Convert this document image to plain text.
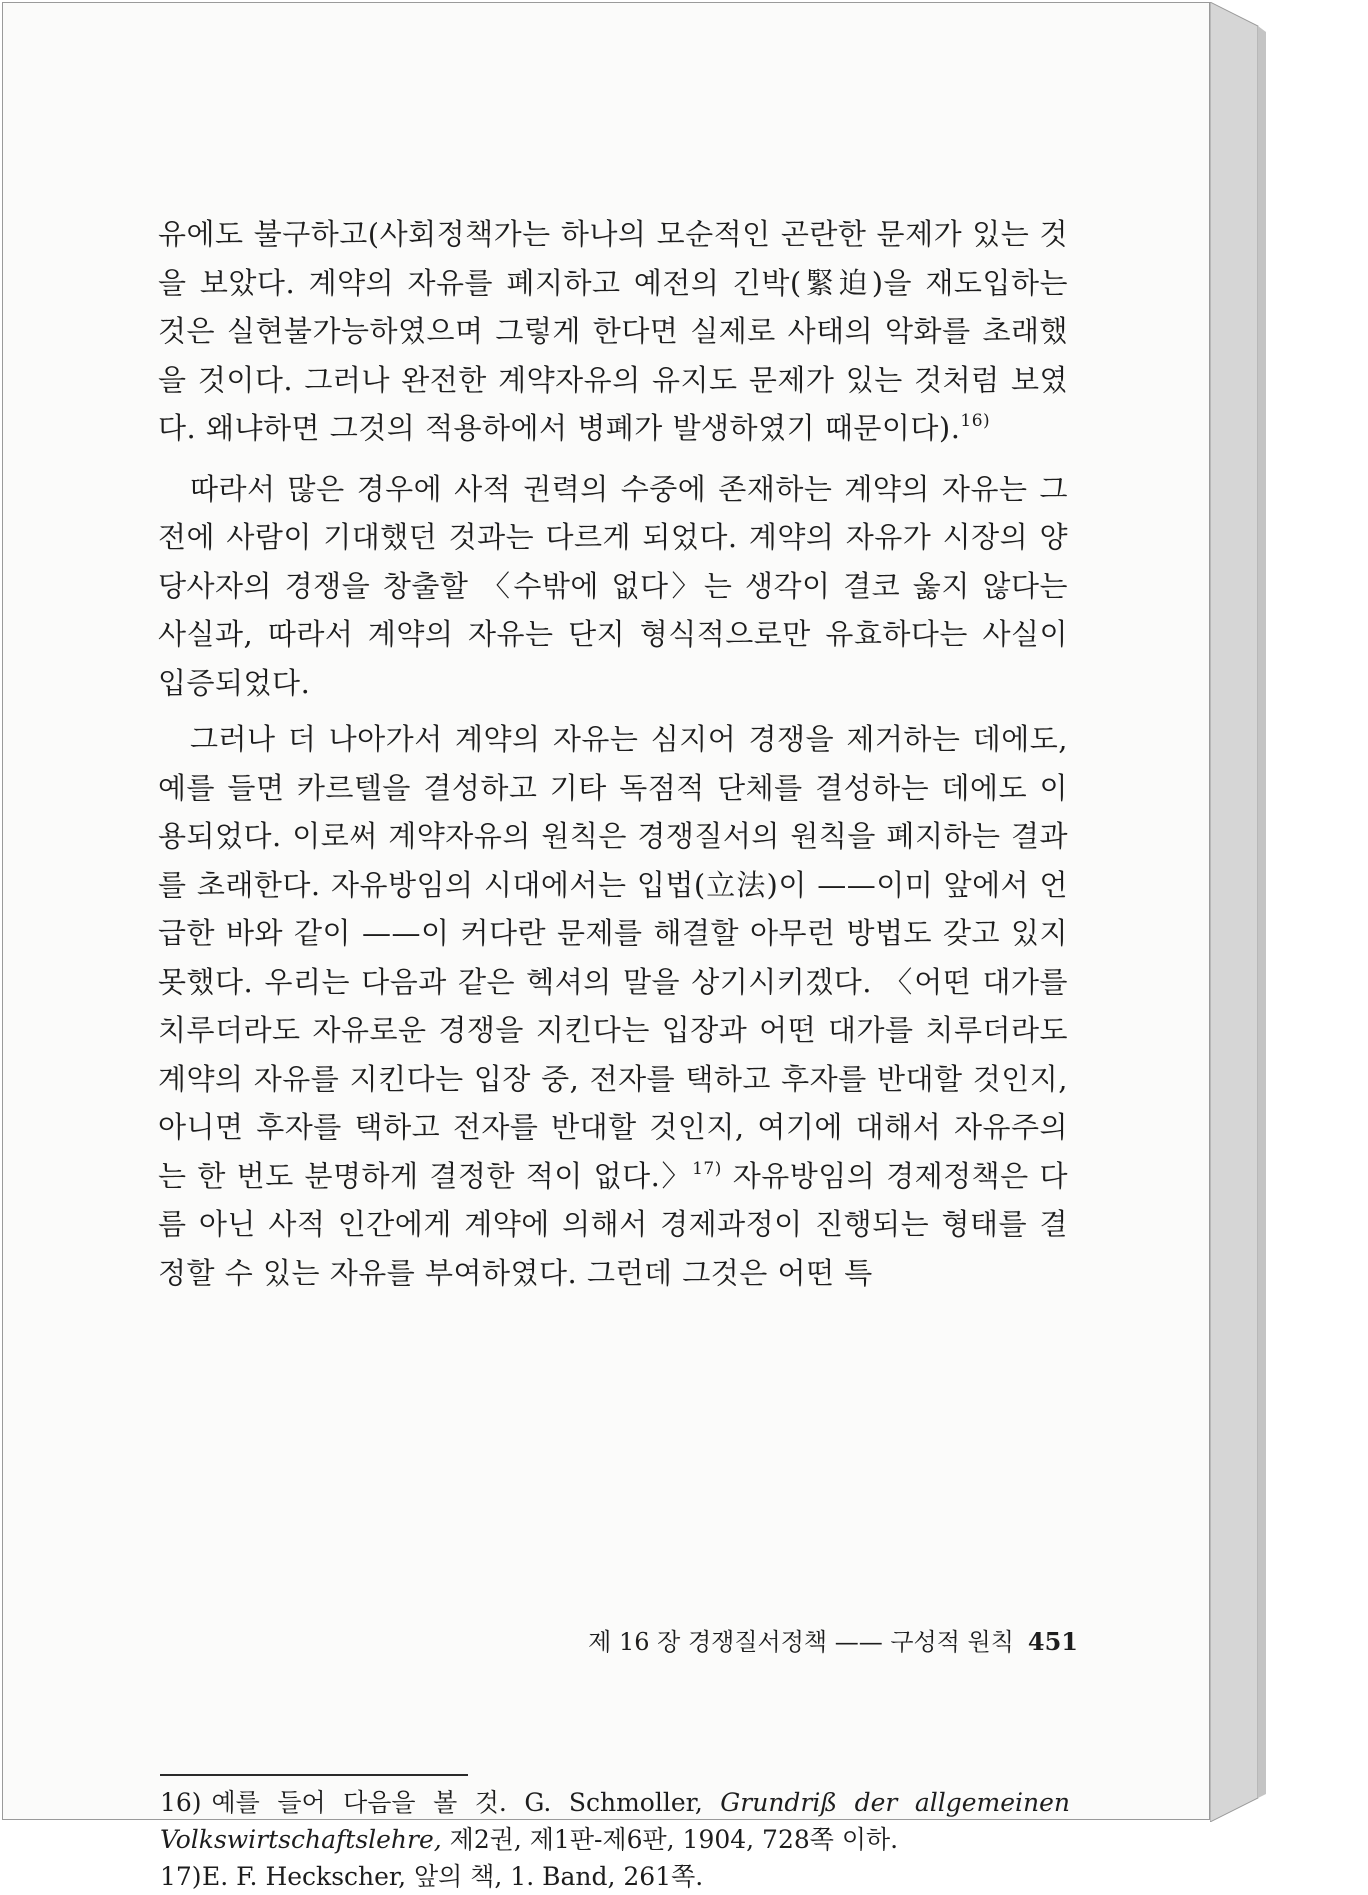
유에도 불구하고(사회정책가는 하나의 모순적인 곤란한 문제가 있는 것을 보았다. 계약의 자유를 폐지하고 예전의 긴박(緊迫)을 재도입하는 것은 실현불가능하였으며 그렇게 한다면 실제로 사태의 악화를 초래했을 것이다. 그러나 완전한 계약자유의 유지도 문제가 있는 것처럼 보였다. 왜냐하면 그것의 적용하에서 병폐가 발생하였기 때문이다).$^{16)}$

따라서 많은 경우에 사적 권력의 수중에 존재하는 계약의 자유는 그 전에 사람이 기대했던 것과는 다르게 되었다. 계약의 자유가 시장의 양당사자의 경쟁을 창출할 〈수밖에 없다〉는 생각이 결코 옳지 않다는 사실과, 따라서 계약의 자유는 단지 형식적으로만 유효하다는 사실이 입증되었다.

그러나 더 나아가서 계약의 자유는 심지어 경쟁을 제거하는 데에도, 예를 들면 카르텔을 결성하고 기타 독점적 단체를 결성하는 데에도 이용되었다. 이로써 계약자유의 원칙은 경쟁질서의 원칙을 폐지하는 결과를 초래한다. 자유방임의 시대에서는 입법(立法)이 ——이미 앞에서 언급한 바와 같이 ——이 커다란 문제를 해결할 아무런 방법도 갖고 있지 못했다. 우리는 다음과 같은 헥셔의 말을 상기시키겠다. 〈어떤 대가를 치루더라도 자유로운 경쟁을 지킨다는 입장과 어떤 대가를 치루더라도 계약의 자유를 지킨다는 입장 중, 전자를 택하고 후자를 반대할 것인지, 아니면 후자를 택하고 전자를 반대할 것인지, 여기에 대해서 자유주의는 한 번도 분명하게 결정한 적이 없다.〉$^{17)}$ 자유방임의 경제정책은 다름 아닌 사적 인간에게 계약에 의해서 경제과정이 진행되는 형태를 결정할 수 있는 자유를 부여하였다. 그런데 그것은 어떤 특

16) 예를 들어 다음을 볼 것. G. Schmoller, Grundriß der allgemeinen Volkswirtschaftslehre, 제2권, 제1판-제6판, 1904, 728쪽 이하.

17) E. F. Heckscher, 앞의 책, 1. Band, 261쪽.

제 16 장 경쟁질서정책 —— 구성적 원칙 451
